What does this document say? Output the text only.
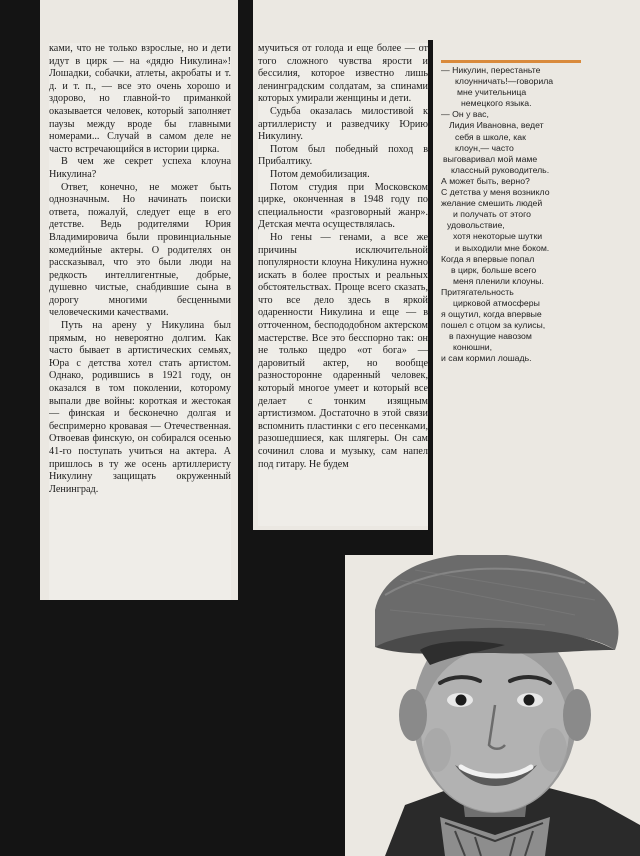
ками, что не только взрослые, но и дети идут в цирк — на «дядю Никулина»! Лошадки, собачки, атлеты, акробаты и т. д. и т. п., — все это очень хорошо и здорово, но главной-то приманкой оказывается человек, который заполняет паузы между вроде бы главными номерами... Случай в самом деле не часто встречающийся в истории цирка.

В чем же секрет успеха клоуна Никулина?

Ответ, конечно, не может быть однозначным. Но начинать поиски ответа, пожалуй, следует еще в его детстве. Ведь родителями Юрия Владимировича были провинциальные комедийные актеры. О родителях он рассказывал, что это были люди на редкость интеллигентные, добрые, душевно чистые, снабдившие сына в дорогу многими бесценными человеческими качествами.

Путь на арену у Никулина был прямым, но невероятно долгим. Как часто бывает в артистических семьях, Юра с детства хотел стать артистом. Однако, родившись в 1921 году, он оказался в том поколении, которому выпали две войны: короткая и жестокая — финская и бесконечно долгая и беспримерно кровавая — Отечественная. Отвоевав финскую, он собирался осенью 41-го поступать учиться на актера. А пришлось в ту же осень артиллеристу Никулину защищать окруженный Ленинград.

мучиться от голода и еще более — от того сложного чувства ярости и бессилия, которое известно лишь ленинградским солдатам, за спинами которых умирали женщины и дети.

Судьба оказалась милостивой к артиллеристу и разведчику Юрию Никулину.

Потом был победный поход в Прибалтику.

Потом демобилизация.

Потом студия при Московском цирке, оконченная в 1948 году по специальности «разговорный жанр». Детская мечта осуществлялась.

Но гены — генами, а все же причины исключительной популярности клоуна Никулина нужно искать в более простых и реальных обстоятельствах. Проще всего сказать, что все дело здесь в яркой одаренности Никулина и еще — в отточенном, беспододобном актерском мастерстве. Все это бесспорно так: он не только щедро «от бога» — даровитый актер, но вообще разносторонне одаренный человек, который многое умеет и который все делает с тонким изящным артистизмом. Достаточно в этой связи вспомнить пластинки с его песенками, разошедшиеся, как шлягеры. Он сам сочинил слова и музыку, сам напел под гитару. Не будем

— Никулин, перестаньте
клоунничать!—говорила
мне учительница
немецкого языка.
— Он у вас,
Лидия Ивановна, ведет
себя в школе, как
клоун,— часто
выговаривал мой маме
классный руководитель.
А может быть, верно?
С детства у меня возникло
желание смешить людей
и получать от этого
удовольствие,
хотя некоторые шутки
и выходили мне боком.
Когда я впервые попал
в цирк, больше всего
меня пленили клоуны.
Притягательность
цирковой атмосферы
я ощутил, когда впервые
пошел с отцом за кулисы,
в пахнущие навозом
конюшни,
и сам кормил лошадь.
